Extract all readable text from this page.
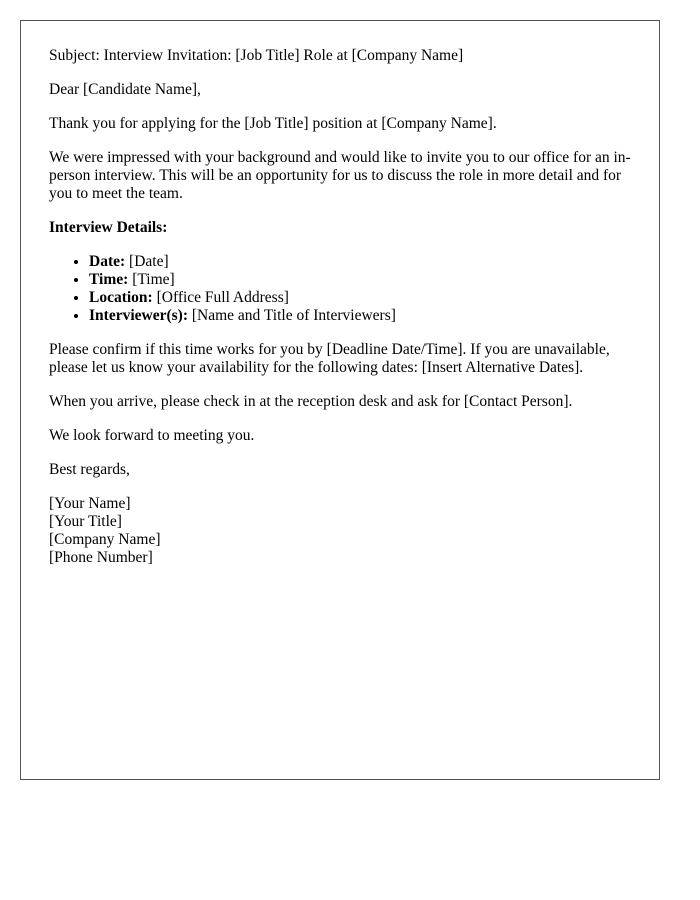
Subject: Interview Invitation: [Job Title] Role at [Company Name]

Dear [Candidate Name],

Thank you for applying for the [Job Title] position at [Company Name].

We were impressed with your background and would like to invite you to our office for an in-person interview. This will be an opportunity for us to discuss the role in more detail and for you to meet the team.

Interview Details:

• Date: [Date]
• Time: [Time]
• Location: [Office Full Address]
• Interviewer(s): [Name and Title of Interviewers]

Please confirm if this time works for you by [Deadline Date/Time]. If you are unavailable, please let us know your availability for the following dates: [Insert Alternative Dates].

When you arrive, please check in at the reception desk and ask for [Contact Person].

We look forward to meeting you.

Best regards,

[Your Name]
[Your Title]
[Company Name]
[Phone Number]
